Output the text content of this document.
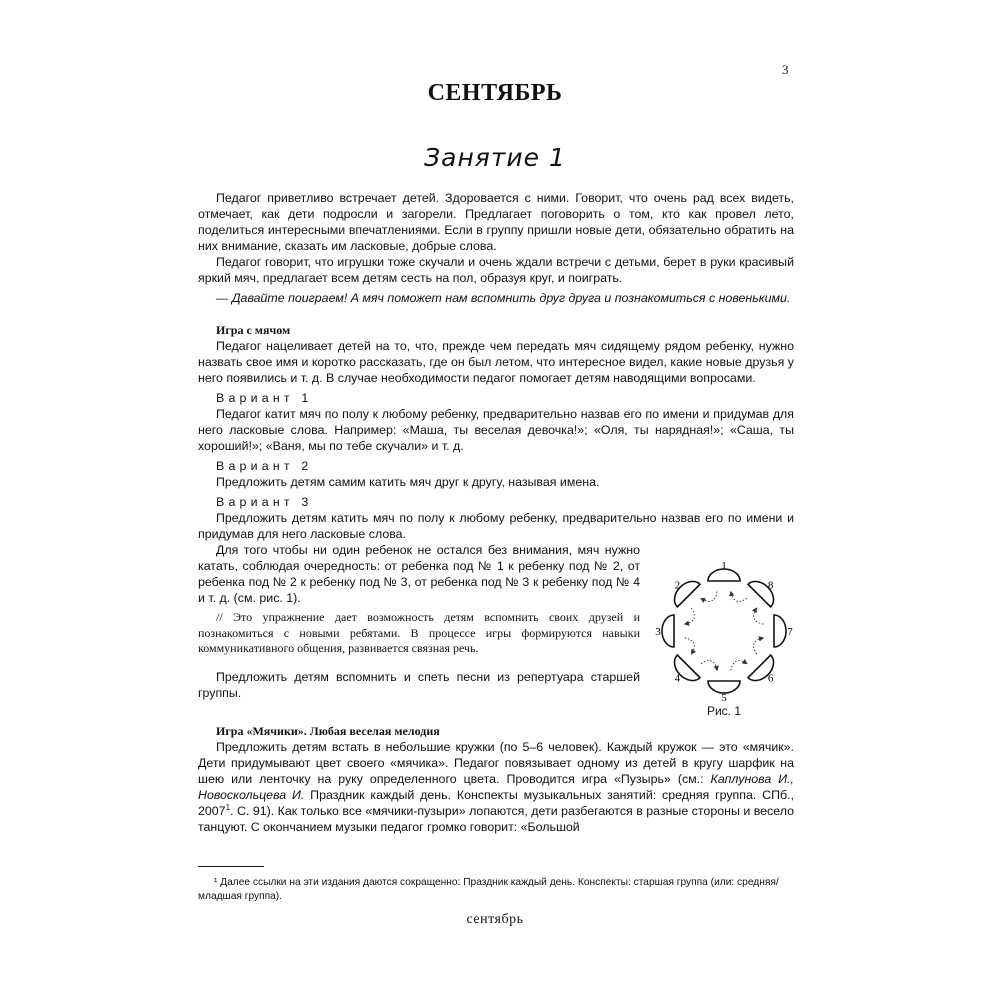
3
СЕНТЯБРЬ
Занятие 1

Педагог приветливо встречает детей. Здоровается с ними. Говорит, что очень рад всех видеть, отмечает, как дети подросли и загорели. Предлагает поговорить о том, кто как провел лето, поделиться интересными впечатлениями. Если в группу пришли новые дети, обязательно обратить на них внимание, сказать им ласковые, добрые слова.

Педагог говорит, что игрушки тоже скучали и очень ждали встречи с детьми, берет в руки красивый яркий мяч, предлагает всем детям сесть на пол, образуя круг, и поиграть.

— Давайте поиграем! А мяч поможет нам вспомнить друг друга и познакомиться с новенькими.

Игра с мячом

Педагог нацеливает детей на то, что, прежде чем передать мяч сидящему рядом ребенку, нужно назвать свое имя и коротко рассказать, где он был летом, что интересное видел, какие новые друзья у него появились и т. д. В случае необходимости педагог помогает детям наводящими вопросами.

Вариант 1

Педагог катит мяч по полу к любому ребенку, предварительно назвав его по имени и придумав для него ласковые слова. Например: «Маша, ты веселая девочка!»; «Оля, ты нарядная!»; «Саша, ты хороший!»; «Ваня, мы по тебе скучали» и т. д.

Вариант 2

Предложить детям самим катить мяч друг к другу, называя имена.

Вариант 3

Предложить детям катить мяч по полу к любому ребенку, предварительно назвав его по имени и придумав для него ласковые слова.

Для того чтобы ни один ребенок не остался без внимания, мяч нужно катать, соблюдая очередность: от ребенка под № 1 к ребенку под № 2, от ребенка под № 2 к ребенку под № 3, от ребенка под № 3 к ребенку под № 4 и т. д. (см. рис. 1).

// Это упражнение дает возможность детям вспомнить своих друзей и познакомиться с новыми ребятами. В процессе игры формируются навыки коммуникативного общения, развивается связная речь.

Предложить детям вспомнить и спеть песни из репертуара старшей группы.

Игра «Мячики». Любая веселая мелодия

Предложить детям встать в небольшие кружки (по 5–6 человек). Каждый кружок — это «мячик». Дети придумывают цвет своего «мячика». Педагог повязывает одному из детей в кругу шарфик на шею или ленточку на руку определенного цвета. Проводится игра «Пузырь» (см.: Каплунова И., Новоскольцева И. Праздник каждый день. Конспекты музыкальных занятий: средняя группа. СПб., 2007$^1$. С. 91). Как только все «мячики-пузыри» лопаются, дети разбегаются в разные стороны и весело танцуют. С окончанием музыки педагог громко говорит: «Большой

1
2
3
4
5
6
7
8
Рис. 1

¹ Далее ссылки на эти издания даются сокращенно: Праздник каждый день. Конспекты: старшая группа (или: средняя/младшая группа).

сентябрь
